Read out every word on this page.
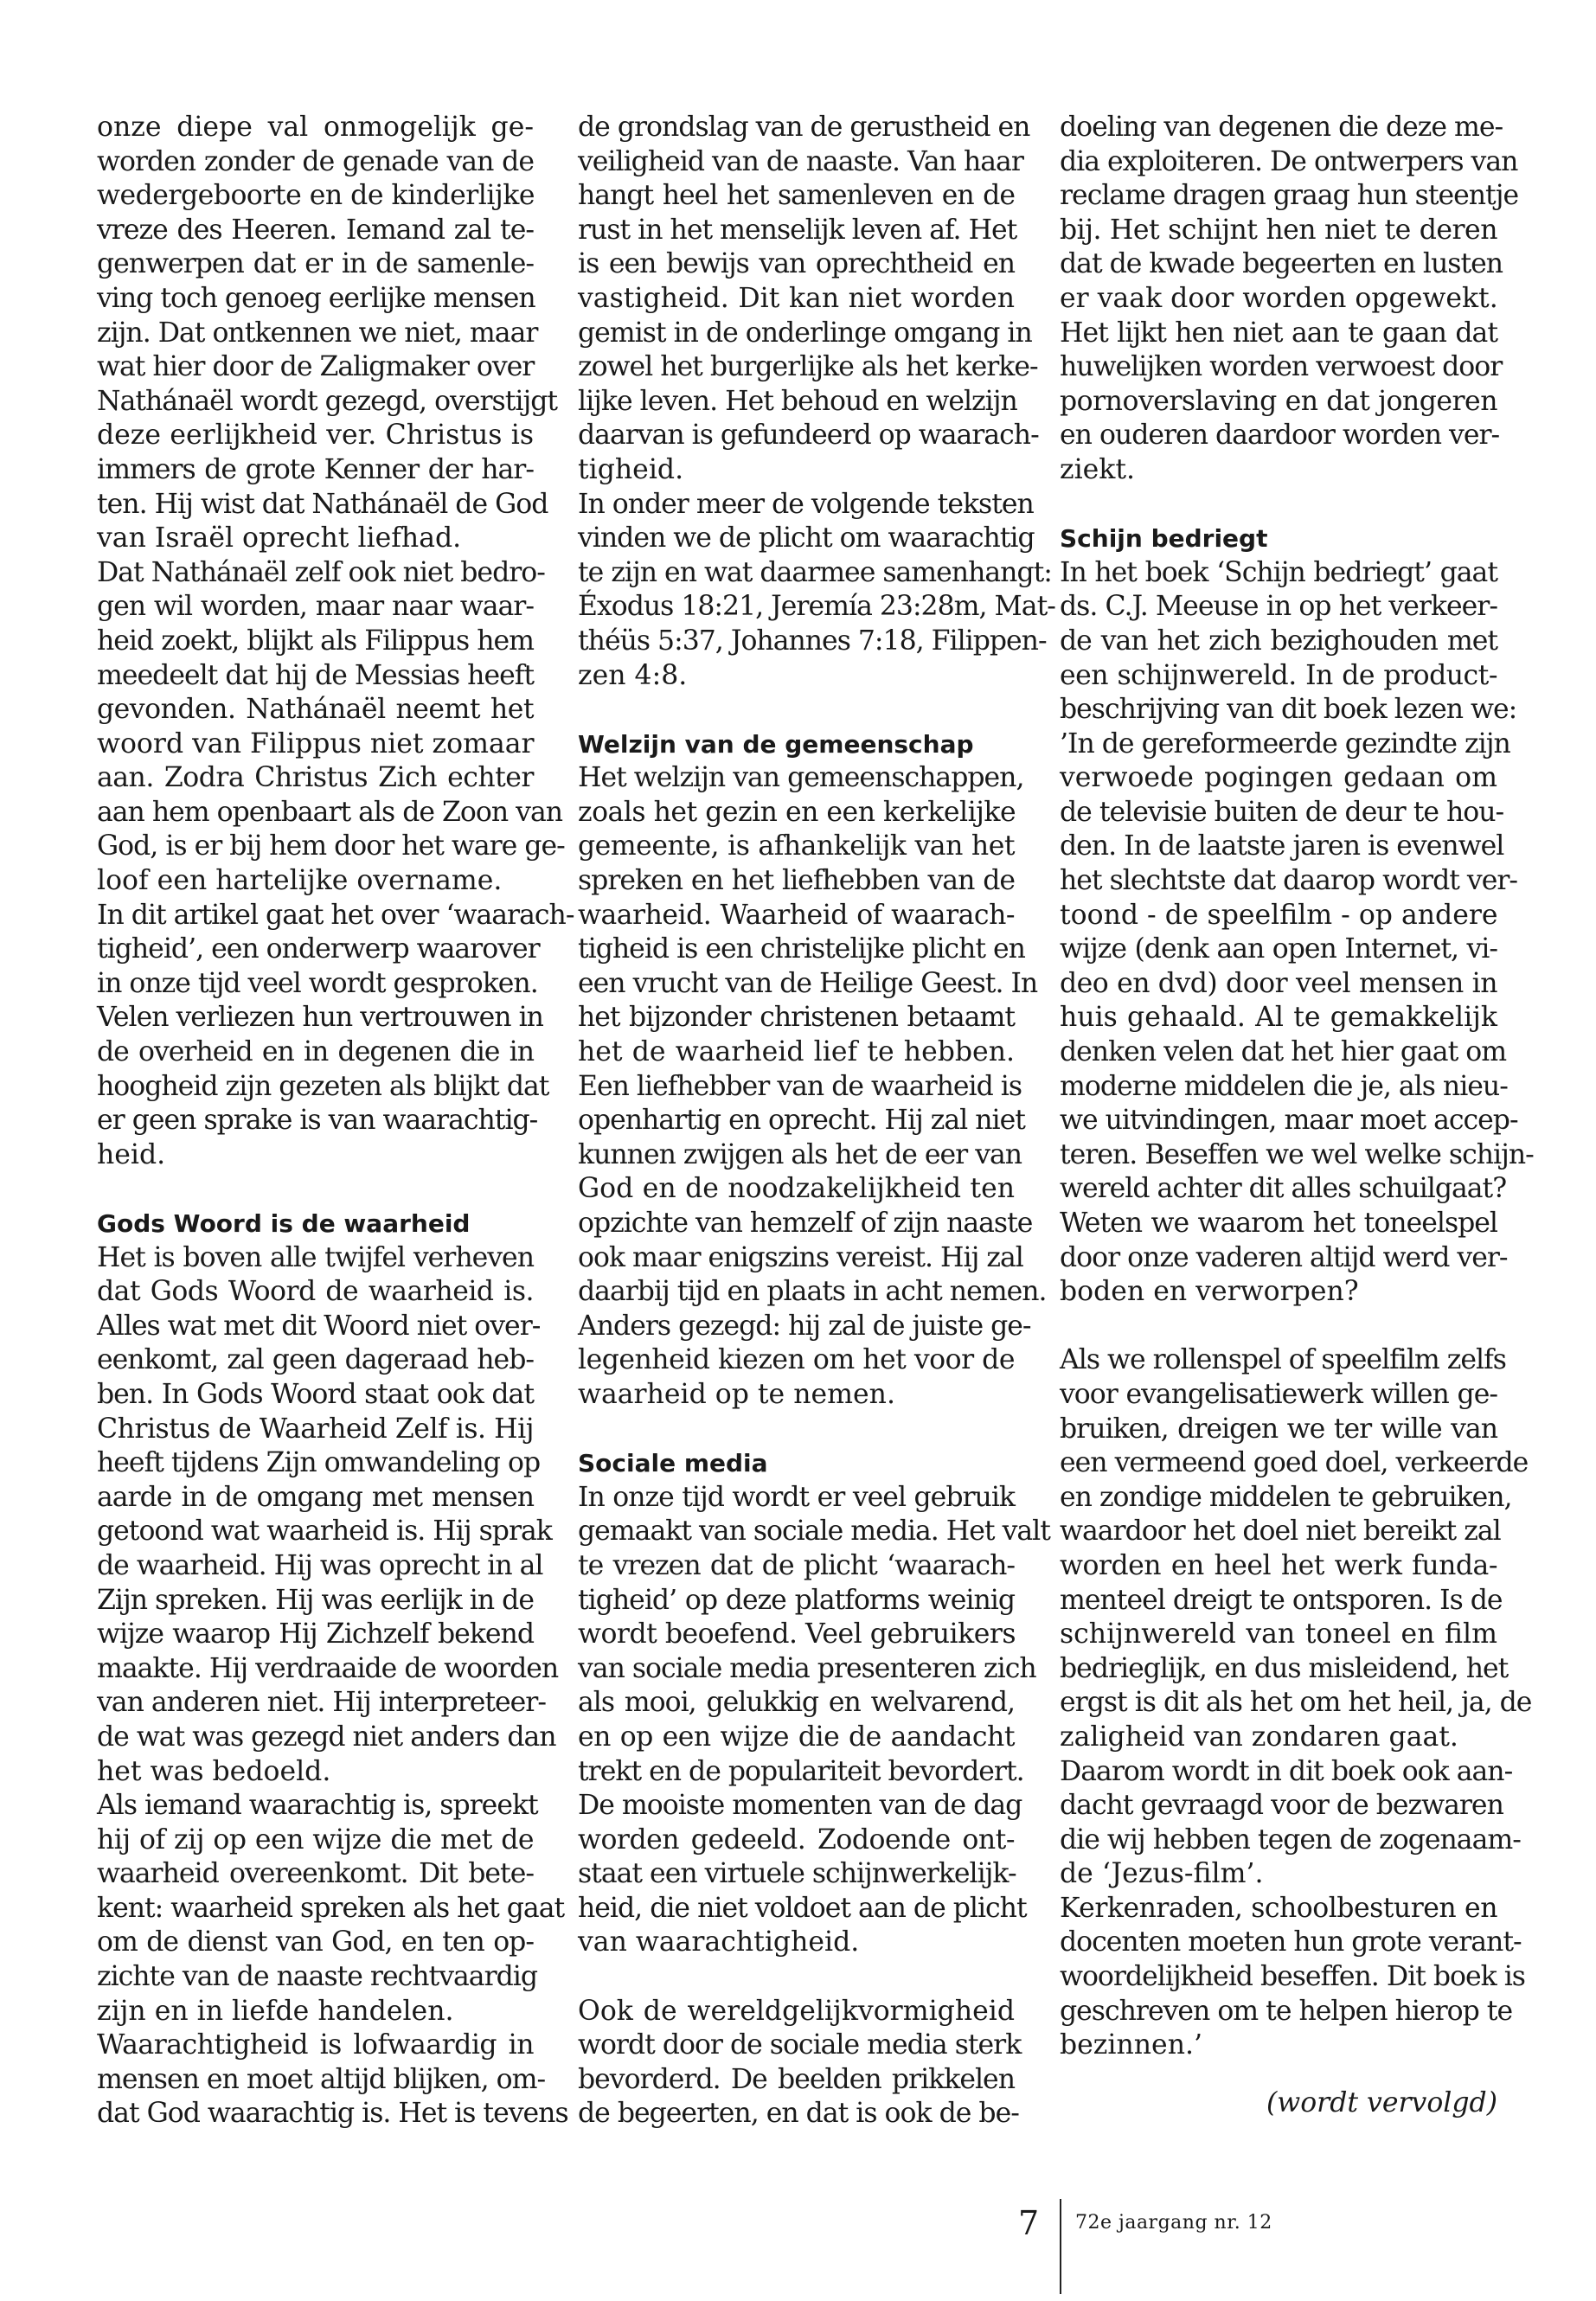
onze diepe val onmogelijk ge-
worden zonder de genade van de
wedergeboorte en de kinderlijke
vreze des Heeren. Iemand zal te-
genwerpen dat er in de samenle-
ving toch genoeg eerlijke mensen
zijn. Dat ontkennen we niet, maar
wat hier door de Zaligmaker over
Nathánaël wordt gezegd, overstijgt
deze eerlijkheid ver. Christus is
immers de grote Kenner der har-
ten. Hij wist dat Nathánaël de God
van Israël oprecht liefhad.

Dat Nathánaël zelf ook niet bedro-
gen wil worden, maar naar waar-
heid zoekt, blijkt als Filippus hem
meedeelt dat hij de Messias heeft
gevonden. Nathánaël neemt het
woord van Filippus niet zomaar
aan. Zodra Christus Zich echter
aan hem openbaart als de Zoon van
God, is er bij hem door het ware ge-
loof een hartelijke overname.

In dit artikel gaat het over ‘waarach-
tigheid’, een onderwerp waarover
in onze tijd veel wordt gesproken.
Velen verliezen hun vertrouwen in
de overheid en in degenen die in
hoogheid zijn gezeten als blijkt dat
er geen sprake is van waarachtig-
heid.

Gods Woord is de waarheid

Het is boven alle twijfel verheven
dat Gods Woord de waarheid is.
Alles wat met dit Woord niet over-
eenkomt, zal geen dageraad heb-
ben. In Gods Woord staat ook dat
Christus de Waarheid Zelf is. Hij
heeft tijdens Zijn omwandeling op
aarde in de omgang met mensen
getoond wat waarheid is. Hij sprak
de waarheid. Hij was oprecht in al
Zijn spreken. Hij was eerlijk in de
wijze waarop Hij Zichzelf bekend
maakte. Hij verdraaide de woorden
van anderen niet. Hij interpreteer-
de wat was gezegd niet anders dan
het was bedoeld.

Als iemand waarachtig is, spreekt
hij of zij op een wijze die met de
waarheid overeenkomt. Dit bete-
kent: waarheid spreken als het gaat
om de dienst van God, en ten op-
zichte van de naaste rechtvaardig
zijn en in liefde handelen.

Waarachtigheid is lofwaardig in
mensen en moet altijd blijken, om-
dat God waarachtig is. Het is tevens

de grondslag van de gerustheid en
veiligheid van de naaste. Van haar
hangt heel het samenleven en de
rust in het menselijk leven af. Het
is een bewijs van oprechtheid en
vastigheid. Dit kan niet worden
gemist in de onderlinge omgang in
zowel het burgerlijke als het kerke-
lijke leven. Het behoud en welzijn
daarvan is gefundeerd op waarach-
tigheid.

In onder meer de volgende teksten
vinden we de plicht om waarachtig
te zijn en wat daarmee samenhangt:
Éxodus 18:21, Jeremía 23:28m, Mat-
théüs 5:37, Johannes 7:18, Filippen-
zen 4:8.

Welzijn van de gemeenschap

Het welzijn van gemeenschappen,
zoals het gezin en een kerkelijke
gemeente, is afhankelijk van het
spreken en het liefhebben van de
waarheid. Waarheid of waarach-
tigheid is een christelijke plicht en
een vrucht van de Heilige Geest. In
het bijzonder christenen betaamt
het de waarheid lief te hebben.
Een liefhebber van de waarheid is
openhartig en oprecht. Hij zal niet
kunnen zwijgen als het de eer van
God en de noodzakelijkheid ten
opzichte van hemzelf of zijn naaste
ook maar enigszins vereist. Hij zal
daarbij tijd en plaats in acht nemen.
Anders gezegd: hij zal de juiste ge-
legenheid kiezen om het voor de
waarheid op te nemen.

Sociale media

In onze tijd wordt er veel gebruik
gemaakt van sociale media. Het valt
te vrezen dat de plicht ‘waarach-
tigheid’ op deze platforms weinig
wordt beoefend. Veel gebruikers
van sociale media presenteren zich
als mooi, gelukkig en welvarend,
en op een wijze die de aandacht
trekt en de populariteit bevordert.
De mooiste momenten van de dag
worden gedeeld. Zodoende ont-
staat een virtuele schijnwerkelijk-
heid, die niet voldoet aan de plicht
van waarachtigheid.

Ook de wereldgelijkvormigheid
wordt door de sociale media sterk
bevorderd. De beelden prikkelen
de begeerten, en dat is ook de be-

doeling van degenen die deze me-
dia exploiteren. De ontwerpers van
reclame dragen graag hun steentje
bij. Het schijnt hen niet te deren
dat de kwade begeerten en lusten
er vaak door worden opgewekt.
Het lijkt hen niet aan te gaan dat
huwelijken worden verwoest door
pornoverslaving en dat jongeren
en ouderen daardoor worden ver-
ziekt.

Schijn bedriegt

In het boek ‘Schijn bedriegt’ gaat
ds. C.J. Meeuse in op het verkeer-
de van het zich bezighouden met
een schijnwereld. In de product-
beschrijving van dit boek lezen we:
’In de gereformeerde gezindte zijn
verwoede pogingen gedaan om
de televisie buiten de deur te hou-
den. In de laatste jaren is evenwel
het slechtste dat daarop wordt ver-
toond - de speelfilm - op andere
wijze (denk aan open Internet, vi-
deo en dvd) door veel mensen in
huis gehaald. Al te gemakkelijk
denken velen dat het hier gaat om
moderne middelen die je, als nieu-
we uitvindingen, maar moet accep-
teren. Beseffen we wel welke schijn-
wereld achter dit alles schuilgaat?
Weten we waarom het toneelspel
door onze vaderen altijd werd ver-
boden en verworpen?

Als we rollenspel of speelfilm zelfs
voor evangelisatiewerk willen ge-
bruiken, dreigen we ter wille van
een vermeend goed doel, verkeerde
en zondige middelen te gebruiken,
waardoor het doel niet bereikt zal
worden en heel het werk funda-
menteel dreigt te ontsporen. Is de
schijnwereld van toneel en film
bedrieglijk, en dus misleidend, het
ergst is dit als het om het heil, ja, de
zaligheid van zondaren gaat.

Daarom wordt in dit boek ook aan-
dacht gevraagd voor de bezwaren
die wij hebben tegen de zogenaam-
de ‘Jezus-film’.

Kerkenraden, schoolbesturen en
docenten moeten hun grote verant-
woordelijkheid beseffen. Dit boek is
geschreven om te helpen hierop te
bezinnen.’

(wordt vervolgd)

7 72e jaargang nr. 12
